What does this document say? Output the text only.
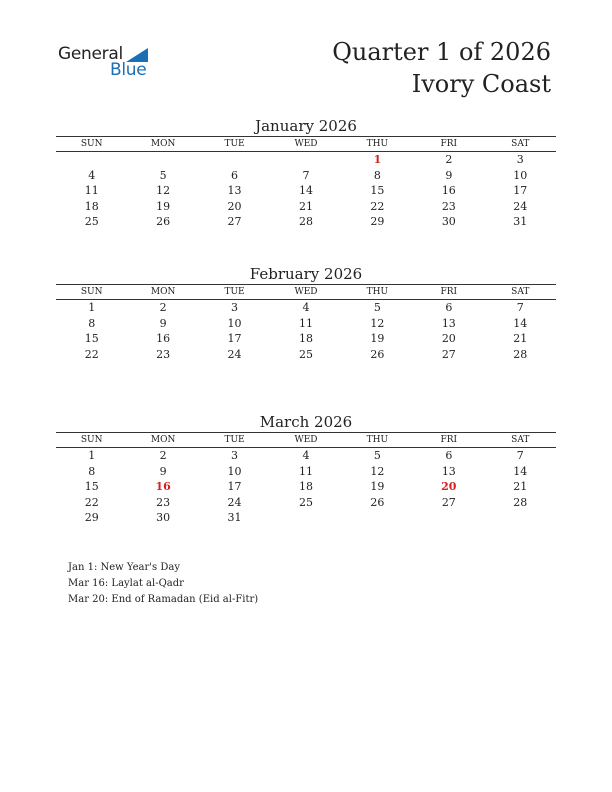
General
Blue
Quarter 1 of 2026
Ivory Coast
January 2026
SUN	MON	TUE	WED	THU	FRI	SAT
				1	2	3
4	5	6	7	8	9	10
11	12	13	14	15	16	17
18	19	20	21	22	23	24
25	26	27	28	29	30	31
February 2026
SUN	MON	TUE	WED	THU	FRI	SAT
1	2	3	4	5	6	7
8	9	10	11	12	13	14
15	16	17	18	19	20	21
22	23	24	25	26	27	28
March 2026
SUN	MON	TUE	WED	THU	FRI	SAT
1	2	3	4	5	6	7
8	9	10	11	12	13	14
15	16	17	18	19	20	21
22	23	24	25	26	27	28
29	30	31				
Jan 1: New Year's Day
Mar 16: Laylat al-Qadr
Mar 20: End of Ramadan (Eid al-Fitr)
